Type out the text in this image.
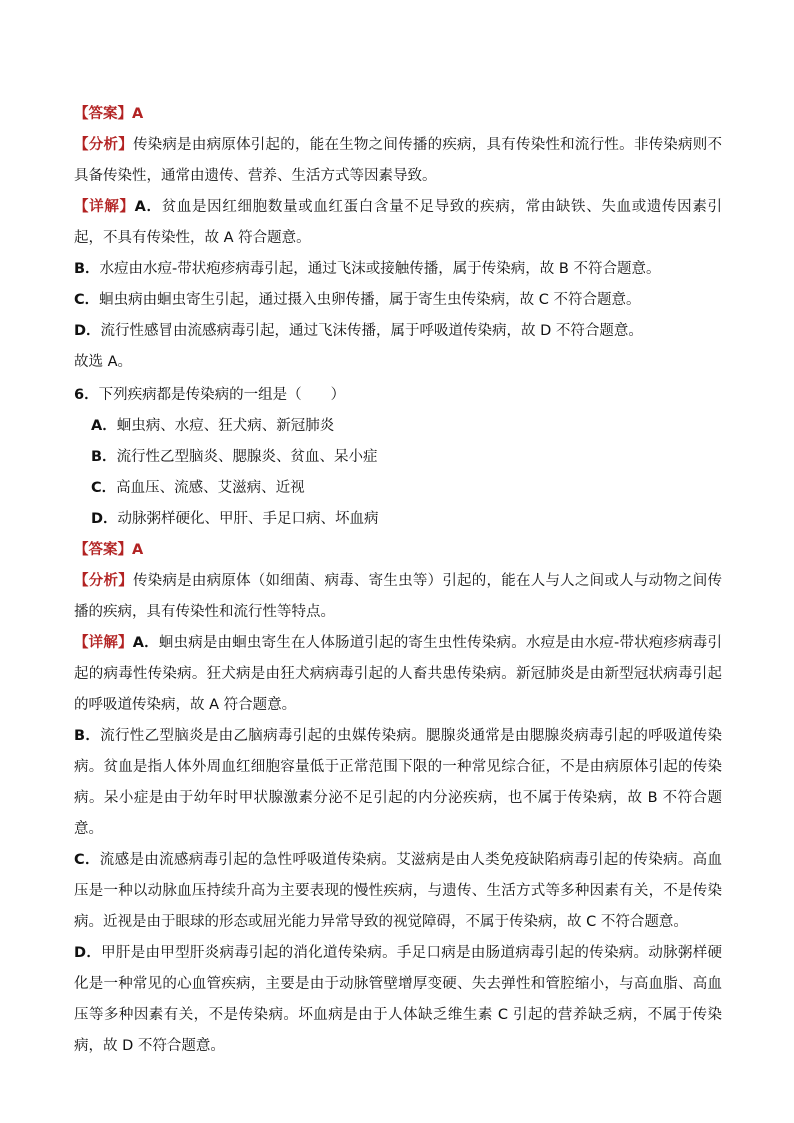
【答案】A

【分析】传染病是由病原体引起的，能在生物之间传播的疾病，具有传染性和流行性。非传染病则不具备传染性，通常由遗传、营养、生活方式等因素导致。

【详解】A．贫血是因红细胞数量或血红蛋白含量不足导致的疾病，常由缺铁、失血或遗传因素引起，不具有传染性，故 A 符合题意。

B．水痘由水痘-带状疱疹病毒引起，通过飞沫或接触传播，属于传染病，故 B 不符合题意。

C．蛔虫病由蛔虫寄生引起，通过摄入虫卵传播，属于寄生虫传染病，故 C 不符合题意。

D．流行性感冒由流感病毒引起，通过飞沫传播，属于呼吸道传染病，故 D 不符合题意。

故选 A。

6．下列疾病都是传染病的一组是（　　）

A．蛔虫病、水痘、狂犬病、新冠肺炎

B．流行性乙型脑炎、腮腺炎、贫血、呆小症

C．高血压、流感、艾滋病、近视

D．动脉粥样硬化、甲肝、手足口病、坏血病

【答案】A

【分析】传染病是由病原体（如细菌、病毒、寄生虫等）引起的，能在人与人之间或人与动物之间传播的疾病，具有传染性和流行性等特点。

【详解】A．蛔虫病是由蛔虫寄生在人体肠道引起的寄生虫性传染病。水痘是由水痘-带状疱疹病毒引起的病毒性传染病。狂犬病是由狂犬病病毒引起的人畜共患传染病。新冠肺炎是由新型冠状病毒引起的呼吸道传染病，故 A 符合题意。

B．流行性乙型脑炎是由乙脑病毒引起的虫媒传染病。腮腺炎通常是由腮腺炎病毒引起的呼吸道传染病。贫血是指人体外周血红细胞容量低于正常范围下限的一种常见综合征，不是由病原体引起的传染病。呆小症是由于幼年时甲状腺激素分泌不足引起的内分泌疾病，也不属于传染病，故 B 不符合题意。

C．流感是由流感病毒引起的急性呼吸道传染病。艾滋病是由人类免疫缺陷病毒引起的传染病。高血压是一种以动脉血压持续升高为主要表现的慢性疾病，与遗传、生活方式等多种因素有关，不是传染病。近视是由于眼球的形态或屈光能力异常导致的视觉障碍，不属于传染病，故 C 不符合题意。

D．甲肝是由甲型肝炎病毒引起的消化道传染病。手足口病是由肠道病毒引起的传染病。动脉粥样硬化是一种常见的心血管疾病，主要是由于动脉管壁增厚变硬、失去弹性和管腔缩小，与高血脂、高血压等多种因素有关，不是传染病。坏血病是由于人体缺乏维生素 C 引起的营养缺乏病，不属于传染病，故 D 不符合题意。
